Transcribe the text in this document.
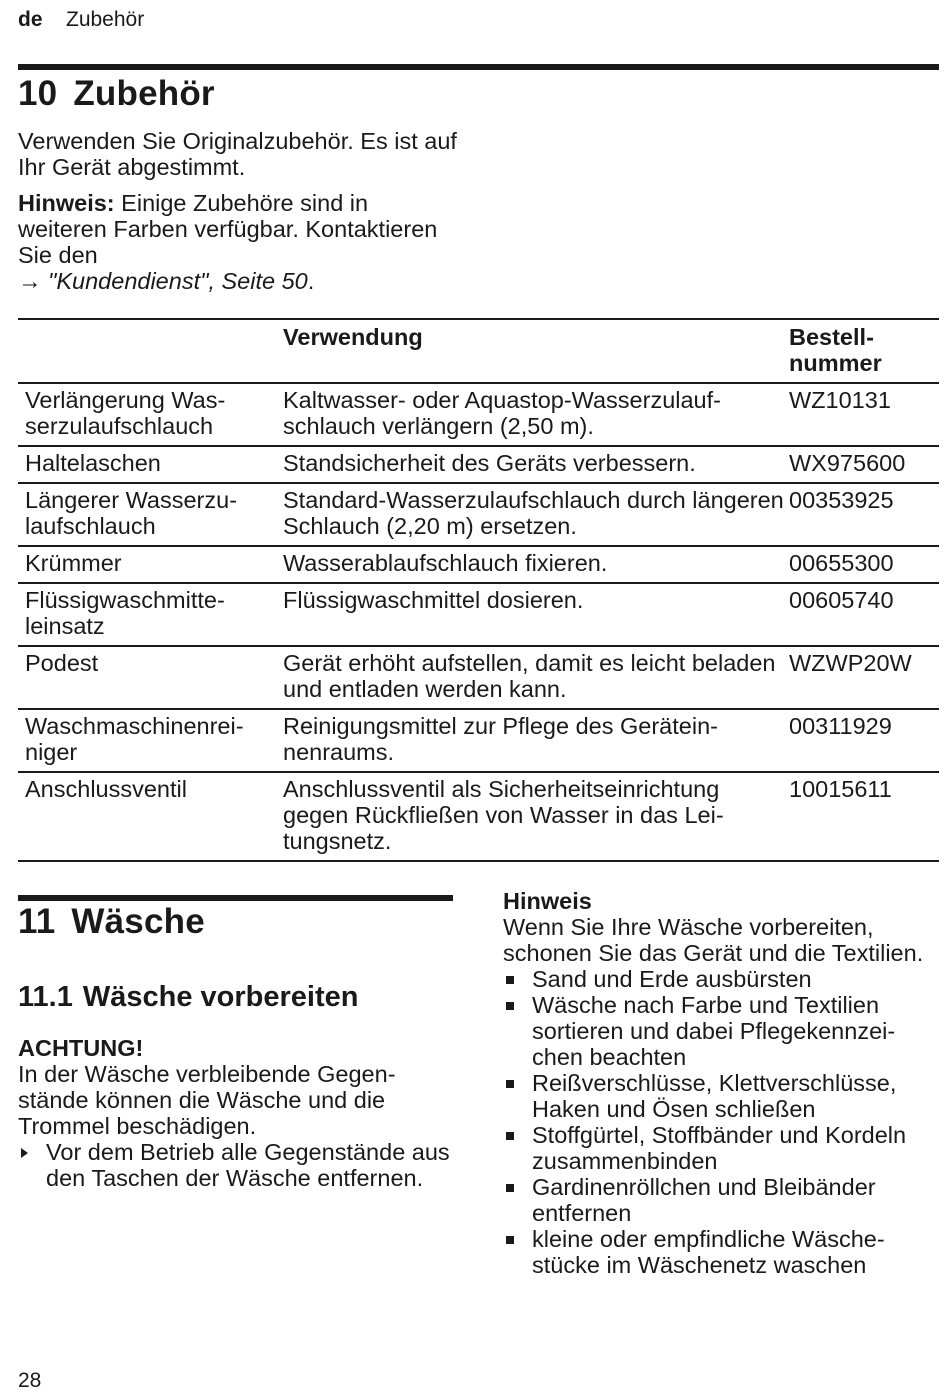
de Zubehör
10 Zubehör

Verwenden Sie Originalzubehör. Es ist auf Ihr Gerät abgestimmt.

Hinweis: Einige Zubehöre sind in weiteren Farben verfügbar. Kontaktieren Sie den
→ "Kundendienst", Seite 50.

	Verwendung	Bestellnummer
Verlängerung Wasserzulaufschlauch	Kaltwasser- oder Aquastop-Wasserzulaufschlauch verlängern (2,50 m).	WZ10131
Haltelaschen	Standsicherheit des Geräts verbessern.	WX975600
Längerer Wasserzulaufschlauch	Standard-Wasserzulaufschlauch durch längeren Schlauch (2,20 m) ersetzen.	00353925
Krümmer	Wasserablaufschlauch fixieren.	00655300
Flüssigwaschmitteleinsatz	Flüssigwaschmittel dosieren.	00605740
Podest	Gerät erhöht aufstellen, damit es leicht beladen und entladen werden kann.	WZWP20W
Waschmaschinenreiniger	Reinigungsmittel zur Pflege des Geräteinnenraums.	00311929
Anschlussventil	Anschlussventil als Sicherheitseinrichtung gegen Rückfließen von Wasser in das Leitungsnetz.	10015611
11 Wäsche
11.1 Wäsche vorbereiten
ACHTUNG!
In der Wäsche verbleibende Gegenstände können die Wäsche und die Trommel beschädigen.
Vor dem Betrieb alle Gegenstände aus den Taschen der Wäsche entfernen.
Hinweis
Wenn Sie Ihre Wäsche vorbereiten, schonen Sie das Gerät und die Textilien.
Sand und Erde ausbürsten
Wäsche nach Farbe und Textilien sortieren und dabei Pflegekennzeichen beachten
Reißverschlüsse, Klettverschlüsse, Haken und Ösen schließen
Stoffgürtel, Stoffbänder und Kordeln zusammenbinden
Gardinenröllchen und Bleibänder entfernen
kleine oder empfindliche Wäschestücke im Wäschenetz waschen
28
